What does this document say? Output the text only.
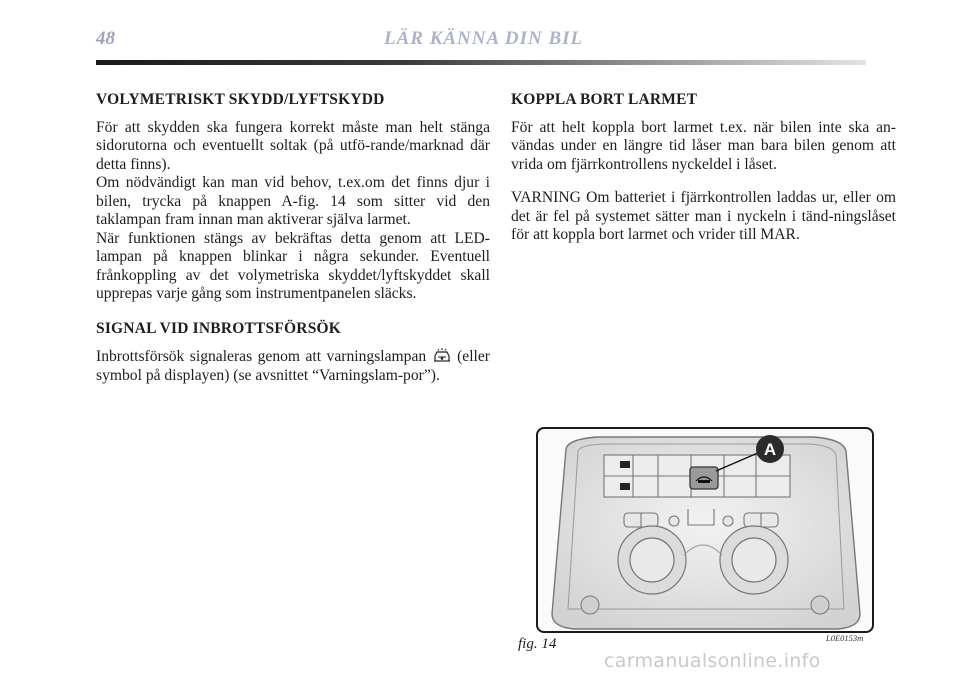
48	LÄR KÄNNA DIN BIL
VOLYMETRISKT SKYDD/LYFTSKYDD

För att skydden ska fungera korrekt måste man helt stänga sidorutorna och eventuellt soltak (på utfö-rande/marknad där detta finns).

Om nödvändigt kan man vid behov, t.ex.om det finns djur i bilen, trycka på knappen A-fig. 14 som sitter vid den taklampan fram innan man aktiverar själva larmet.

När funktionen stängs av bekräftas detta genom att LED-lampan på knappen blinkar i några sekunder. Eventuell frånkoppling av det volymetriska skyddet/lyftskyddet skall upprepas varje gång som instrumentpanelen släcks.

SIGNAL VID INBROTTSFÖRSÖK

Inbrottsförsök signaleras genom att varningslampan (eller symbol på displayen) (se avsnittet “Varningslam-por”).

KOPPLA BORT LARMET

För att helt koppla bort larmet t.ex. när bilen inte ska an-vändas under en längre tid låser man bara bilen genom att vrida om fjärrkontrollens nyckeldel i låset.

VARNING Om batteriet i fjärrkontrollen laddas ur, eller om det är fel på systemet sätter man i nyckeln i tänd-ningslåset för att koppla bort larmet och vrider till MAR.

A
fig. 14	L0E0153m
carmanualsonline.info
